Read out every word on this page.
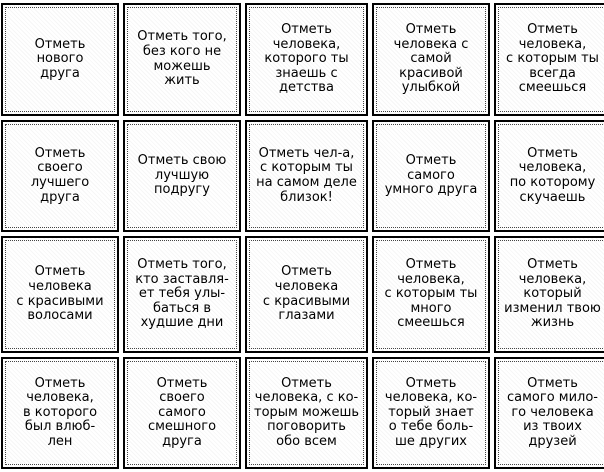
Отметь
нового
друга
Отметь того,
без кого не
можешь
жить
Отметь
человека,
которого ты
знаешь с
детства
Отметь
человека с
самой
красивой
улыбкой
Отметь
человека,
с которым ты
всегда
смеешься
Отметь
своего
лучшего
друга
Отметь свою
лучшую
подругу
Отметь чел-а,
с которым ты
на самом деле
близок!
Отметь
самого
умного друга
Отметь
человека,
по которому
скучаешь
Отметь
человека
с красивыми
волосами
Отметь того,
кто заставля-
ет тебя улы-
баться в
худшие дни
Отметь
человека
с красивыми
глазами
Отметь
человека,
с которым ты
много
смеешься
Отметь
человека,
который
изменил твою
жизнь
Отметь
человека,
в которого
был влюб-
лен
Отметь
своего
самого
смешного
друга
Отметь
человека, с ко-
торым можешь
поговорить
обо всем
Отметь
человека, ко-
торый знает
о тебе боль-
ше других
Отметь
самого мило-
го человека
из твоих
друзей
